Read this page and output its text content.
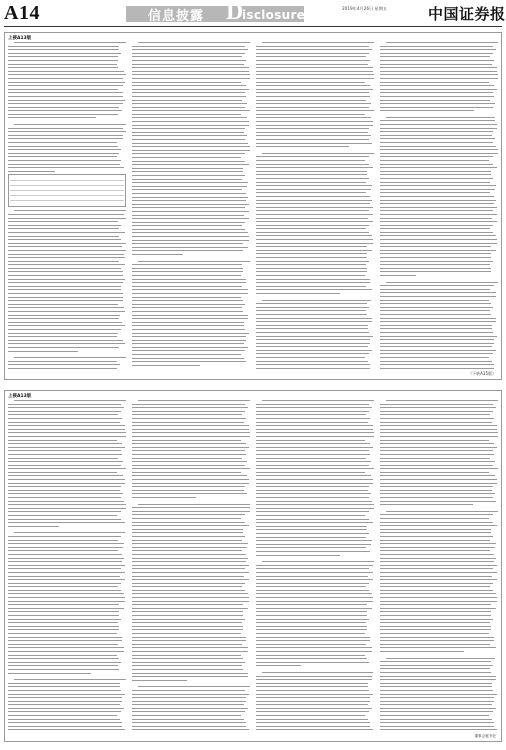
A14	信息披露 D
isclosure	2019年4月26日 星期五	中国证券报
上接A13版
（下转A15版）
上接A13版
董事会秘书处
